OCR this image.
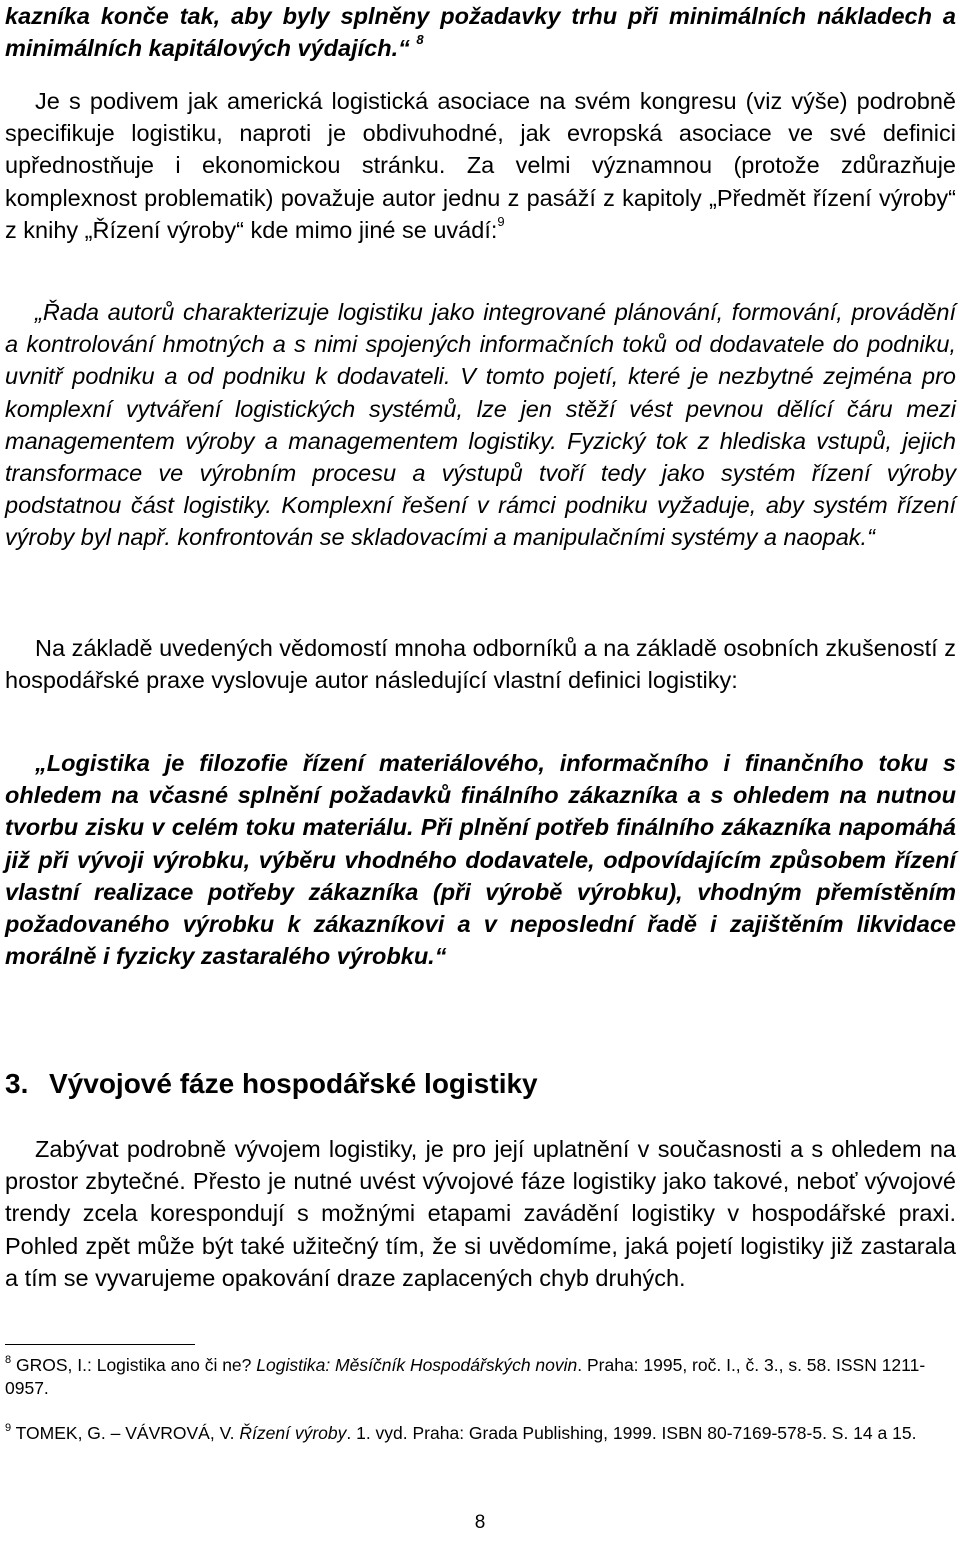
kazníka konče tak, aby byly splněny požadavky trhu při minimálních nákladech a minimálních kapitálových výdajích.“ $^8$

Je s podivem jak americká logistická asociace na svém kongresu (viz výše) podrobně specifikuje logistiku, naproti je obdivuhodné, jak evropská asociace ve své definici upřednostňuje i ekonomickou stránku. Za velmi významnou (protože zdůrazňuje komplexnost problematik) považuje autor jednu z pasáží z kapitoly „Předmět řízení výroby“ z knihy „Řízení výroby“ kde mimo jiné se uvádí:$^9$

„Řada autorů charakterizuje logistiku jako integrované plánování, formování, provádění a kontrolování hmotných a s nimi spojených informačních toků od dodavatele do podniku, uvnitř podniku a od podniku k dodavateli. V tomto pojetí, které je nezbytné zejména pro komplexní vytváření logistických systémů, lze jen stěží vést pevnou dělící čáru mezi managementem výroby a managementem logistiky. Fyzický tok z hlediska vstupů, jejich transformace ve výrobním procesu a výstupů tvoří tedy jako systém řízení výroby podstatnou část logistiky. Komplexní řešení v rámci podniku vyžaduje, aby systém řízení výroby byl např. konfrontován se skladovacími a manipulačními systémy a naopak.“

Na základě uvedených vědomostí mnoha odborníků a na základě osobních zkušeností z hospodářské praxe vyslovuje autor následující vlastní definici logistiky:

„Logistika je filozofie řízení materiálového, informačního i finančního toku s ohledem na včasné splnění požadavků finálního zákazníka a s ohledem na nutnou tvorbu zisku v celém toku materiálu. Při plnění potřeb finálního zákazníka napomáhá již při vývoji výrobku, výběru vhodného dodavatele, odpovídajícím způsobem řízení vlastní realizace potřeby zákazníka (při výrobě výrobku), vhodným přemístěním požadovaného výrobku k zákazníkovi a v neposlední řadě i zajištěním likvidace morálně i fyzicky zastaralého výrobku.“

3. Vývojové fáze hospodářské logistiky

Zabývat podrobně vývojem logistiky, je pro její uplatnění v současnosti a s ohledem na prostor zbytečné. Přesto je nutné uvést vývojové fáze logistiky jako takové, neboť vývojové trendy zcela korespondují s možnými etapami zavádění logistiky v hospodářské praxi. Pohled zpět může být také užitečný tím, že si uvědomíme, jaká pojetí logistiky již zastarala a tím se vyvarujeme opakování draze zaplacených chyb druhých.

$^8$ GROS, I.: Logistika ano či ne? Logistika: Měsíčník Hospodářských novin. Praha: 1995, roč. I., č. 3., s. 58. ISSN 1211-0957.

$^9$ TOMEK, G. – VÁVROVÁ, V. Řízení výroby. 1. vyd. Praha: Grada Publishing, 1999. ISBN 80-7169-578-5. S. 14 a 15.

8
